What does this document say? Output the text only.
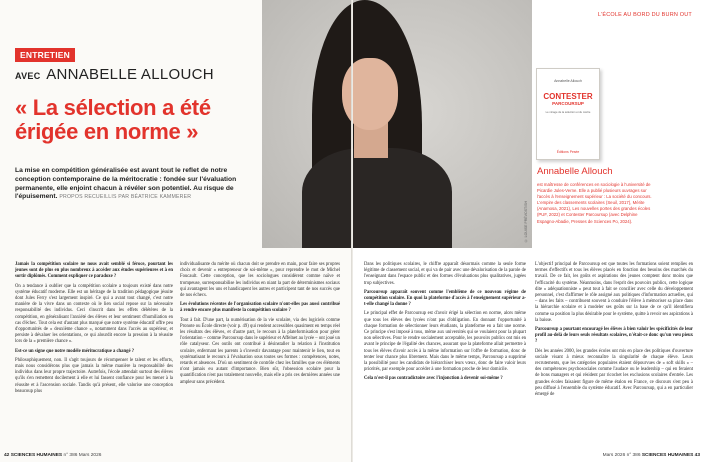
© LOUISE PRÉVOST/SH
L'ÉCOLE AU BORD DU BURN OUT
ENTRETIEN
AVEC ANNABELLE ALLOUCH
« La sélection a été érigée en norme »
La mise en compétition généralisée est avant tout le reflet de notre conception contemporaine de la méritocratie : fondée sur l'évaluation permanente, elle enjoint chacun à révéler son potentiel. Au risque de l'épuisement. PROPOS RECUEILLIS PAR BÉATRICE KAMMERER
Annabelle Allouch
CONTESTER
PARCOURSUP
Le mirage de la sélection et du mérite
Éditions Pesée
Annabelle Allouch
est maîtresse de conférences en sociologie à l'université de Picardie Jules-Verne. Elle a publié plusieurs ouvrages sur l'accès à l'enseignement supérieur : La société du concours. L'empire des classements scolaires (Seuil, 2017), Mérite (Anamosa, 2021), Les nouvelles portes des grandes écoles (PUF, 2022) et Contester Parcoursup (avec Delphine Espagno-Abadie, Presses de Sciences Po, 2024).

Jamais la compétition scolaire ne nous avait semblé si féroce, pourtant les jeunes sont de plus en plus nombreux à accéder aux études supérieures et à en sortir diplômés. Comment expliquer ce paradoxe ?

On a tendance à oublier que la compétition scolaire a toujours existé dans notre système éducatif moderne. Elle est un héritage de la tradition pédagogique jésuite dont Jules Ferry s'est largement inspiré. Ce qui a avant tout changé, c'est notre manière de la vivre dans un contexte où le lien social repose sur la nécessaire responsabilité des individus. Ceci s'inscrit dans les effets délétères de la compétition, en généralisant l'anxiété des élèves et leur sentiment d'humiliation en cas d'échec. Tout cela est d'autant plus marqué que notre système éducatif offre peu d'opportunités de « deuxième chance », notamment dans l'accès au supérieur, et persiste à dévaluer les orientations, ce qui alourdit encore la pression à la réussite lors de la « première chance ».

Est-ce un signe que notre modèle méritocratique a changé ?

Philosophiquement, non. Il s'agit toujours de récompenser le talent et les efforts, mais nous considérons plus que jamais la même manière la responsabilité des individus dans leur propre trajectoire. Autrefois, l'école attendait surtout des élèves qu'ils s'en remettent docilement à elle et lui fassent confiance pour les mener à la réussite et à l'ascension sociale. Tandis qu'à présent, elle valorise une conception beaucoup plus

individualisante du mérite où chacun doit se prendre en main, pour faire ses propres choix et devenir « entrepreneur de soi-même », pour reprendre le mot de Michel Foucault. Cette conception, que les sociologues considèrent comme naïve et trompeuse, surresponsabilise les individus en niant la part de déterminismes sociaux qui avantagent les uns et handicapent les autres et participent tant de nos succès que de nos échecs.

Les évolutions récentes de l'organisation scolaire n'ont-elles pas aussi contribué à rendre encore plus manifeste la compétition scolaire ?

Tout à fait. D'une part, la numérisation de la vie scolaire, via des logiciels comme Pronote ou École directe (voir p. 49) qui rendent accessibles quasiment en temps réel les résultats des élèves, et d'autre part, le recours à la plateformisation pour gérer l'orientation – comme Parcoursup dans le supérieur et Affelnet au lycée – ont joué un rôle catalyseur. Ces outils ont contribué à désinstaller la relation à l'institution scolaire, enfermant les parents à s'investir davantage pour maintenir le lien, tout en systématisant le recours à l'évaluation sous toutes ses formes : compétences, notes, retards et absences. D'où un sentiment de contrôle chez les familles que ces éléments n'ont jamais eu autant d'importance. Bien sûr, l'obsession scolaire pour la quantification n'est pas totalement nouvelle, mais elle a pris ces dernières années une ampleur sans précédent.

Dans les politiques scolaires, le chiffre apparaît désormais comme la seule forme légitime de classement social, et qui va de pair avec une dévalorisation de la parole de l'enseignant dans l'espace public et des formes d'évaluations plus qualitatives, jugées trop subjectives.

Parcoursup apparaît souvent comme l'emblème de ce nouveau régime de compétition scolaire. En quoi la plateforme d'accès à l'enseignement supérieur a-t-elle changé la donne ?

Le principal effet de Parcoursup est d'avoir érigé la sélection en norme, alors même que tous les élèves des lycées n'ont pas d'obligation. En donnant l'opportunité à chaque formation de sélectionner leurs étudiants, la plateforme en a fait une norme. Ce principe s'est imposé à tous, même aux universités qui se voulaient pour la plupart non sélectives. Pour le rendre socialement acceptable, les pouvoirs publics ont mis en avant le principe de l'égalité des chances, assurant que la plateforme allait permettre à tous les élèves d'avoir accès à la même information sur l'offre de formation, donc de tenter leur chance plus librement. Mais dans le même temps, Parcoursup a supprimé la possibilité pour les candidats de hiérarchiser leurs vœux, donc de faire valoir leurs priorités, par exemple pour accéder à une formation proche de leur domicile.

Cela n'est-il pas contradictoire avec l'injonction à devenir soi-même ?

L'objectif principal de Parcoursup est que toutes les formations soient remplies en termes d'effectifs et tous les élèves placés en fonction des besoins des marchés du travail. De ce fait, les goûts et aspirations des jeunes comptent donc moins que l'efficacité du système. Néanmoins, dans l'esprit des pouvoirs publics, cette logique dite « adéquationniste » peut tout à fait se concilier avec celle du développement personnel, c'est d'affirmer le rôle assigné aux politiques d'information actuelles, qui – dans les faits – contribuent souvent à conduire l'élève à mémoriser sa place dans la hiérarchie scolaire et à modeler ses goûts sur la base de ce qu'il identifiera comme sa position la plus désirable pour le système, quitte à revoir ses aspirations à la baisse.

Parcoursup a pourtant encouragé les élèves à bien valoir les spécificités de leur profil au-delà de leurs seuls résultats scolaires, n'était-ce donc qu'un vœu pieux ?

Dès les années 2000, les grandes écoles ont mis en place des politiques d'ouverture sociale visant à mieux reconnaître la singularité de chaque élève. Leurs recrutements, que les catégories populaires étaient dépourvues de « soft skills » – des compétences psychosociales comme l'audace ou le leadership – qui en feraient de bons managers et qui résident par ricochet les exclusions scolaires d'entrée. Les grandes écoles faisaient figure de même étalon en France, ce discours s'est peu à peu diffusé à l'ensemble du système éducatif. Avec Parcoursup, qui a en particulier émergé de

42 SCIENCES HUMAINES n° 386 Mars 2026	Mars 2026 n° 386 SCIENCES HUMAINES 43
